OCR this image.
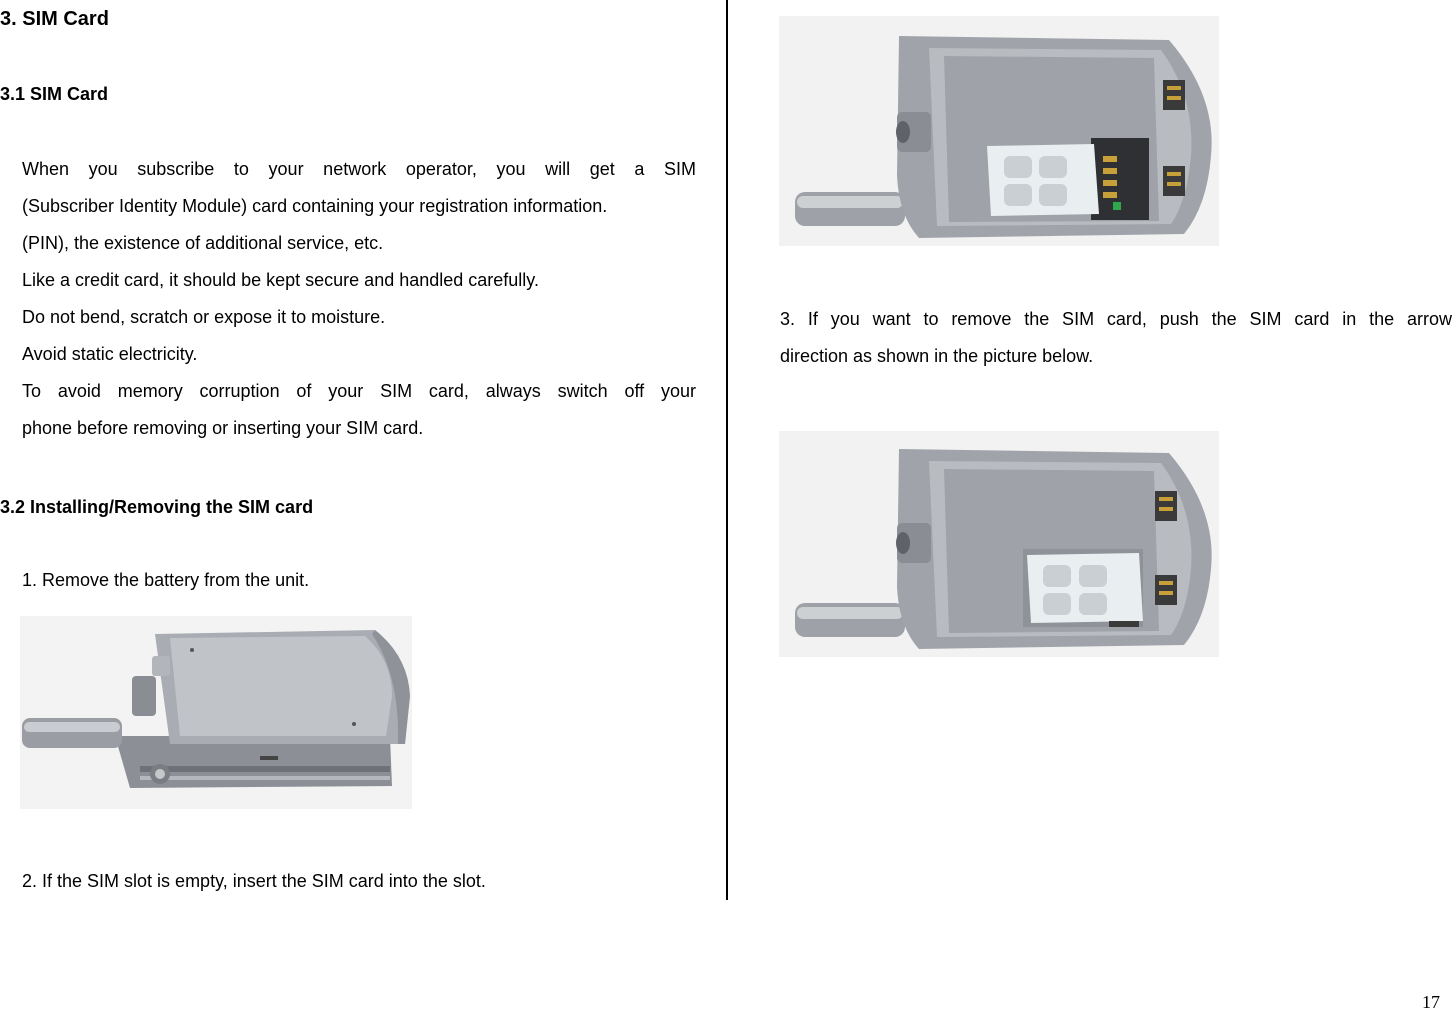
3. SIM Card
3.1 SIM Card
When you subscribe to your network operator, you will get a SIM
(Subscriber Identity Module) card containing your registration information.
(PIN), the existence of additional service, etc.
Like a credit card, it should be kept secure and handled carefully.
Do not bend, scratch or expose it to moisture.
Avoid static electricity.
To avoid memory corruption of your SIM card, always switch off your
phone before removing or inserting your SIM card.
3.2 Installing/Removing the SIM card
1. Remove the battery from the unit.
2. If the SIM slot is empty, insert the SIM card into the slot.
3. If you want to remove the SIM card, push the SIM card in the arrow
direction as shown in the picture below.
17
